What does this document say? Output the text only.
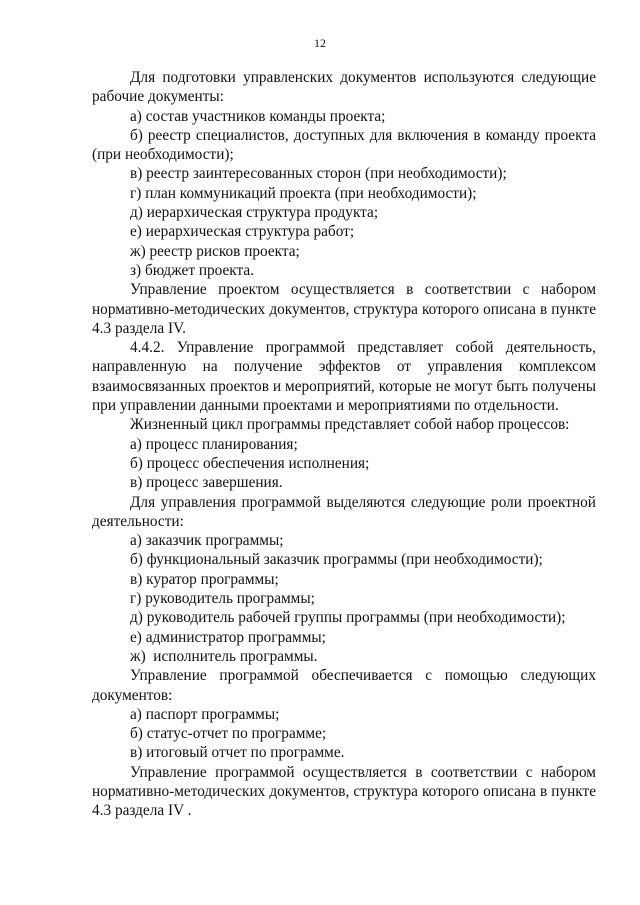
12

Для подготовки управленских документов используются следующие

рабочие документы:

а) состав участников команды проекта;

б) реестр специалистов, доступных для включения в команду проекта

(при необходимости);

в) реестр заинтересованных сторон (при необходимости);

г) план коммуникаций проекта (при необходимости);

д) иерархическая структура продукта;

е) иерархическая структура работ;

ж) реестр рисков проекта;

з) бюджет проекта.

Управление проектом осуществляется в соответствии с набором

нормативно-методических документов, структура которого описана в пункте

4.3 раздела IV.

4.4.2. Управление программой представляет собой деятельность,

направленную на получение эффектов от управления комплексом

взаимосвязанных проектов и мероприятий, которые не могут быть получены

при управлении данными проектами и мероприятиями по отдельности.

Жизненный цикл программы представляет собой набор процессов:

а) процесс планирования;

б) процесс обеспечения исполнения;

в) процесс завершения.

Для управления программой выделяются следующие роли проектной

деятельности:

а) заказчик программы;

б) функциональный заказчик программы (при необходимости);

в) куратор программы;

г) руководитель программы;

д) руководитель рабочей группы программы (при необходимости);

е) администратор программы;

ж)  исполнитель программы.

Управление программой обеспечивается с помощью следующих

документов:

а) паспорт программы;

б) статус-отчет по программе;

в) итоговый отчет по программе.

Управление программой осуществляется в соответствии с набором

нормативно-методических документов, структура которого описана в пункте

4.3 раздела IV .
